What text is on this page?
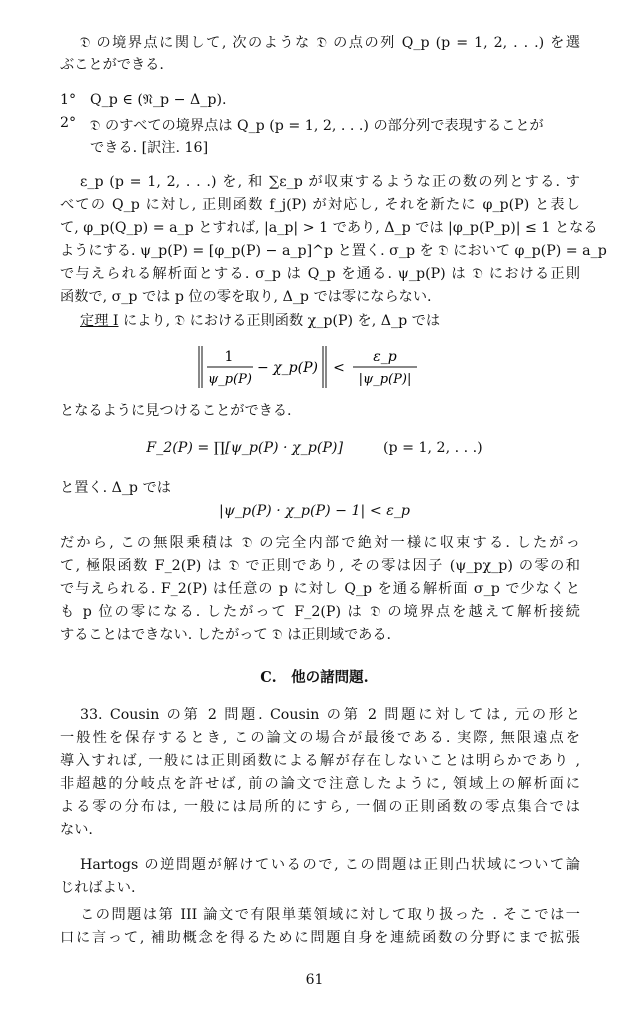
𝔇 の境界点に関して, 次のような 𝔇 の点の列 Q_p (p = 1, 2, . . .) を選
ぶことができる.
1° Q_p ∈ (𝔑_p − Δ_p).
2° 𝔇 のすべての境界点は Q_p (p = 1, 2, . . .) の部分列で表現することが
できる. [訳注. 16]
ε_p (p = 1, 2, . . .) を, 和 ∑ε_p が収束するような正の数の列とする. す
べての Q_p に対し, 正則函数 f_j(P) が対応し, それを新たに φ_p(P) と表し
て, φ_p(Q_p) = a_p とすれば, |a_p| > 1 であり, Δ_p では |φ_p(P_p)| ≤ 1 となる
ようにする. ψ_p(P) = [φ_p(P) − a_p]^p と置く. σ_p を 𝔇 において φ_p(P) = a_p
で与えられる解析面とする. σ_p は Q_p を通る. ψ_p(P) は 𝔇 における正則
函数で, σ_p では p 位の零を取り, Δ_p では零にならない.
定理 I により, 𝔇 における正則函数 χ_p(P) を, Δ_p では
1
ψ_p(P)
− χ_p(P) <
ε_p
|ψ_p(P)|
となるように見つけることができる.
F_2(P) = ∏[ψ_p(P) · χ_p(P)]	(p = 1, 2, . . .)
と置く. Δ_p では
|ψ_p(P) · χ_p(P) − 1| < ε_p
だから, この無限乗積は 𝔇 の完全内部で絶対一様に収束する. したがっ
て, 極限函数 F_2(P) は 𝔇 で正則であり, その零は因子 (ψ_pχ_p) の零の和
で与えられる. F_2(P) は任意の p に対し Q_p を通る解析面 σ_p で少なくと
も p 位の零になる. したがって F_2(P) は 𝔇 の境界点を越えて解析接続
することはできない. したがって 𝔇 は正則域である.
C.　他の諸問題.
33. Cousin の第 2 問題. Cousin の第 2 問題に対しては, 元の形と
一般性を保存するとき, この論文の場合が最後である. 実際, 無限遠点を
導入すれば, 一般には正則函数による解が存在しないことは明らかであり ,
非超越的分岐点を許せば, 前の論文で注意したように, 領域上の解析面に
よる零の分布は, 一般には局所的にすら, 一個の正則函数の零点集合では
ない.
Hartogs の逆問題が解けているので, この問題は正則凸状域について論
じればよい.
この問題は第 III 論文で有限単葉領域に対して取り扱った . そこでは一
口に言って, 補助概念を得るために問題自身を連続函数の分野にまで拡張
61
